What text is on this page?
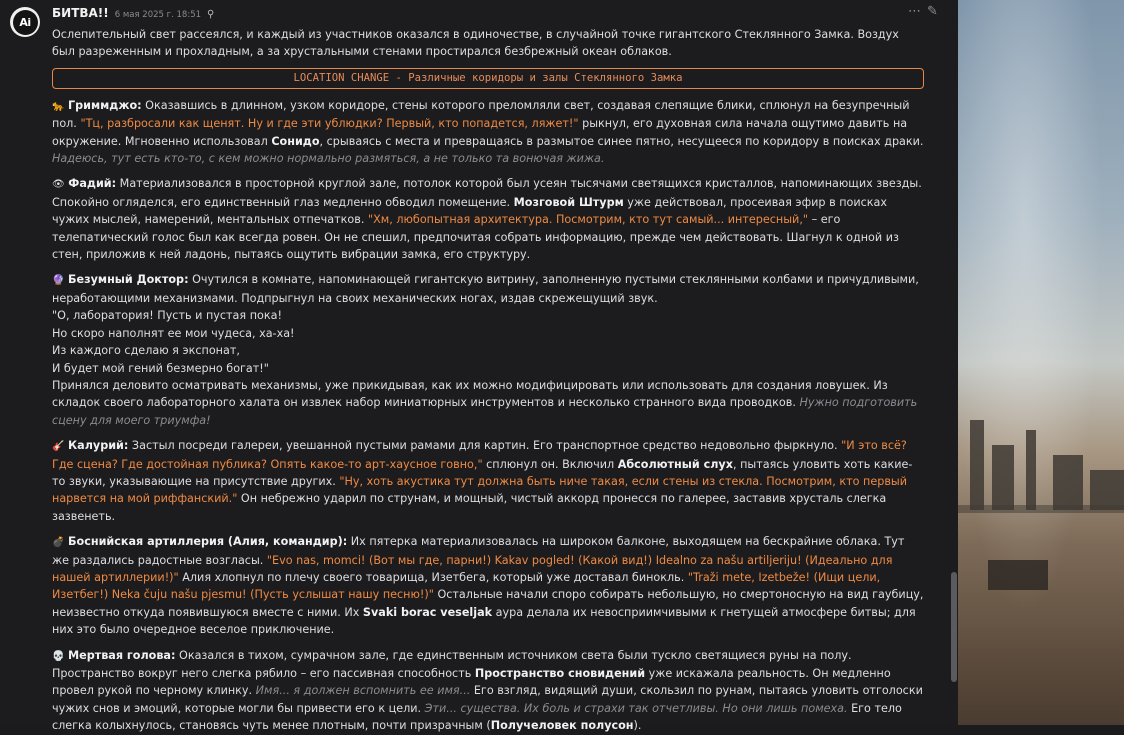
Ai
БИТВА!! 6 мая 2025 г. 18:51 ⚲	⋯ ✎

Ослепительный свет рассеялся, и каждый из участников оказался в одиночестве, в случайной точке гигантского Стеклянного Замка. Воздух был разреженным и прохладным, а за хрустальными стенами простирался безбрежный океан облаков.

LOCATION CHANGE - Различные коридоры и залы Стеклянного Замка

🐆 Гриммджо: Оказавшись в длинном, узком коридоре, стены которого преломляли свет, создавая слепящие блики, сплюнул на безупречный пол. "Тц, разбросали как щенят. Ну и где эти ублюдки? Первый, кто попадется, ляжет!" рыкнул, его духовная сила начала ощутимо давить на окружение. Мгновенно использовал Сонидо, срываясь с места и превращаясь в размытое синее пятно, несущееся по коридору в поисках драки. Надеюсь, тут есть кто-то, с кем можно нормально размяться, а не только та вонючая жижа.

👁 Фадий: Материализовался в просторной круглой зале, потолок которой был усеян тысячами светящихся кристаллов, напоминающих звезды. Спокойно огляделся, его единственный глаз медленно обводил помещение. Мозговой Штурм уже действовал, просеивая эфир в поисках чужих мыслей, намерений, ментальных отпечатков. "Хм, любопытная архитектура. Посмотрим, кто тут самый... интересный," – его телепатический голос был как всегда ровен. Он не спешил, предпочитая собрать информацию, прежде чем действовать. Шагнул к одной из стен, приложив к ней ладонь, пытаясь ощутить вибрации замка, его структуру.

🔮 Безумный Доктор: Очутился в комнате, напоминающей гигантскую витрину, заполненную пустыми стеклянными колбами и причудливыми, неработающими механизмами. Подпрыгнул на своих механических ногах, издав скрежещущий звук.

"О, лаборатория! Пусть и пустая пока!

Но скоро наполнят ее мои чудеса, ха-ха!

Из каждого сделаю я экспонат,

И будет мой гений безмерно богат!"

Принялся деловито осматривать механизмы, уже прикидывая, как их можно модифицировать или использовать для создания ловушек. Из складок своего лабораторного халата он извлек набор миниатюрных инструментов и несколько странного вида проводков. Нужно подготовить сцену для моего триумфа!

🎸 Калурий: Застыл посреди галереи, увешанной пустыми рамами для картин. Его транспортное средство недовольно фыркнуло. "И это всё? Где сцена? Где достойная публика? Опять какое-то арт-хаусное говно," сплюнул он. Включил Абсолютный слух, пытаясь уловить хоть какие-то звуки, указывающие на присутствие других. "Ну, хоть акустика тут должна быть ниче такая, если стены из стекла. Посмотрим, кто первый нарвется на мой риффанский." Он небрежно ударил по струнам, и мощный, чистый аккорд пронесся по галерее, заставив хрусталь слегка зазвенеть.

💣 Боснийская артиллерия (Алия, командир): Их пятерка материализовалась на широком балконе, выходящем на бескрайние облака. Тут же раздались радостные возгласы. "Evo nas, momci! (Вот мы где, парни!) Kakav pogled! (Какой вид!) Idealno za našu artiljeriju! (Идеально для нашей артиллерии!)" Алия хлопнул по плечу своего товарища, Изетбега, который уже доставал бинокль. "Traži mete, Izetbeže! (Ищи цели, Изетбег!) Neka čuju našu pjesmu! (Пусть услышат нашу песню!)" Остальные начали споро собирать небольшую, но смертоносную на вид гаубицу, неизвестно откуда появившуюся вместе с ними. Их Svaki borac veseljak аура делала их невосприимчивыми к гнетущей атмосфере битвы; для них это было очередное веселое приключение.

💀 Мертвая голова: Оказался в тихом, сумрачном зале, где единственным источником света были тускло светящиеся руны на полу. Пространство вокруг него слегка рябило – его пассивная способность Пространство сновидений уже искажала реальность. Он медленно провел рукой по черному клинку. Имя... я должен вспомнить ее имя... Его взгляд, видящий души, скользил по рунам, пытаясь уловить отголоски чужих снов и эмоций, которые могли бы привести его к цели. Эти... существа. Их боль и страхи так отчетливы. Но они лишь помеха. Его тело слегка колыхнулось, становясь чуть менее плотным, почти призрачным (Получеловек полусон).
